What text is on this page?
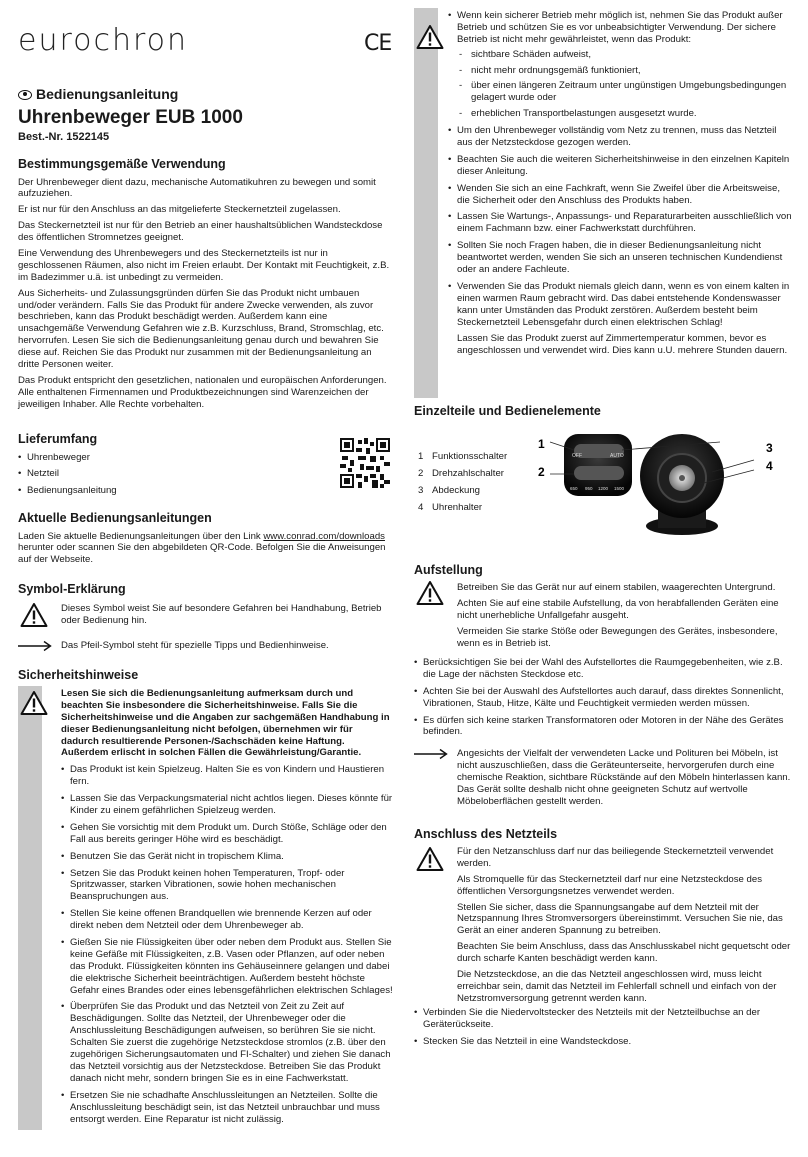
eurochron	CE
Bedienungsanleitung
Uhrenbeweger EUB 1000
Best.-Nr. 1522145
Bestimmungsgemäße Verwendung

Der Uhrenbeweger dient dazu, mechanische Automatikuhren zu bewegen und somit aufzuziehen.

Er ist nur für den Anschluss an das mitgelieferte Steckernetzteil zugelassen.

Das Steckernetzteil ist nur für den Betrieb an einer haushaltsüblichen Wandsteckdose des öffentlichen Stromnetzes geeignet.

Eine Verwendung des Uhrenbewegers und des Steckernetzteils ist nur in geschlossenen Räumen, also nicht im Freien erlaubt. Der Kontakt mit Feuchtigkeit, z.B. im Badezimmer u.ä. ist unbedingt zu vermeiden.

Aus Sicherheits- und Zulassungsgründen dürfen Sie das Produkt nicht umbauen und/oder verändern. Falls Sie das Produkt für andere Zwecke verwenden, als zuvor beschrieben, kann das Produkt beschädigt werden. Außerdem kann eine unsachgemäße Verwendung Gefahren wie z.B. Kurzschluss, Brand, Stromschlag, etc. hervorrufen. Lesen Sie sich die Bedienungsanleitung genau durch und bewahren Sie diese auf. Reichen Sie das Produkt nur zusammen mit der Bedienungsanleitung an dritte Personen weiter.

Das Produkt entspricht den gesetzlichen, nationalen und europäischen Anforderungen. Alle enthaltenen Firmennamen und Produktbezeichnungen sind Warenzeichen der jeweiligen Inhaber. Alle Rechte vorbehalten.

Lieferumfang
• Uhrenbeweger
• Netzteil
• Bedienungsanleitung
Aktuelle Bedienungsanleitungen

Laden Sie aktuelle Bedienungsanleitungen über den Link www.conrad.com/downloads herunter oder scannen Sie den abgebildeten QR-Code. Befolgen Sie die Anweisungen auf der Webseite.

Symbol-Erklärung
Dieses Symbol weist Sie auf besondere Gefahren bei Handhabung, Betrieb oder Bedienung hin.
Das Pfeil-Symbol steht für spezielle Tipps und Bedienhinweise.
Sicherheitshinweise

Lesen Sie sich die Bedienungsanleitung aufmerksam durch und beachten Sie insbesondere die Sicherheitshinweise. Falls Sie die Sicherheitshinweise und die Angaben zur sachgemäßen Handhabung in dieser Bedienungsanleitung nicht befolgen, übernehmen wir für dadurch resultierende Personen-/Sachschäden keine Haftung. Außerdem erlischt in solchen Fällen die Gewährleistung/Garantie.

• Das Produkt ist kein Spielzeug. Halten Sie es von Kindern und Haustieren fern.
• Lassen Sie das Verpackungsmaterial nicht achtlos liegen. Dieses könnte für Kinder zu einem gefährlichen Spielzeug werden.
• Gehen Sie vorsichtig mit dem Produkt um. Durch Stöße, Schläge oder den Fall aus bereits geringer Höhe wird es beschädigt.
• Benutzen Sie das Gerät nicht in tropischem Klima.
• Setzen Sie das Produkt keinen hohen Temperaturen, Tropf- oder Spritzwasser, starken Vibrationen, sowie hohen mechanischen Beanspruchungen aus.
• Stellen Sie keine offenen Brandquellen wie brennende Kerzen auf oder direkt neben dem Netzteil oder dem Uhrenbeweger ab.
• Gießen Sie nie Flüssigkeiten über oder neben dem Produkt aus. Stellen Sie keine Gefäße mit Flüssigkeiten, z.B. Vasen oder Pflanzen, auf oder neben das Produkt. Flüssigkeiten könnten ins Gehäuseinnere gelangen und dabei die elektrische Sicherheit beeinträchtigen. Außerdem besteht höchste Gefahr eines Brandes oder eines lebensgefährlichen elektrischen Schlages!
• Überprüfen Sie das Produkt und das Netzteil von Zeit zu Zeit auf Beschädigungen. Sollte das Netzteil, der Uhrenbeweger oder die Anschlussleitung Beschädigungen aufweisen, so berühren Sie sie nicht. Schalten Sie zuerst die zugehörige Netzsteckdose stromlos (z.B. über den zugehörigen Sicherungsautomaten und FI-Schalter) und ziehen Sie danach das Netzteil vorsichtig aus der Netzsteckdose. Betreiben Sie das Produkt danach nicht mehr, sondern bringen Sie es in eine Fachwerkstatt.
• Ersetzen Sie nie schadhafte Anschlussleitungen an Netzteilen. Sollte die Anschlussleitung beschädigt sein, ist das Netzteil unbrauchbar und muss entsorgt werden. Eine Reparatur ist nicht zulässig.
• Wenn kein sicherer Betrieb mehr möglich ist, nehmen Sie das Produkt außer Betrieb und schützen Sie es vor unbeabsichtigter Verwendung. Der sichere Betrieb ist nicht mehr gewährleistet, wenn das Produkt:
- sichtbare Schäden aufweist,
- nicht mehr ordnungsgemäß funktioniert,
- über einen längeren Zeitraum unter ungünstigen Umgebungsbedingungen gelagert wurde oder
- erheblichen Transportbelastungen ausgesetzt wurde.
• Um den Uhrenbeweger vollständig vom Netz zu trennen, muss das Netzteil aus der Netzsteckdose gezogen werden.
• Beachten Sie auch die weiteren Sicherheitshinweise in den einzelnen Kapiteln dieser Anleitung.
• Wenden Sie sich an eine Fachkraft, wenn Sie Zweifel über die Arbeitsweise, die Sicherheit oder den Anschluss des Produkts haben.
• Lassen Sie Wartungs-, Anpassungs- und Reparaturarbeiten ausschließlich von einem Fachmann bzw. einer Fachwerkstatt durchführen.
• Sollten Sie noch Fragen haben, die in dieser Bedienungsanleitung nicht beantwortet werden, wenden Sie sich an unseren technischen Kundendienst oder an andere Fachleute.
• Verwenden Sie das Produkt niemals gleich dann, wenn es von einem kalten in einen warmen Raum gebracht wird. Das dabei entstehende Kondenswasser kann unter Umständen das Produkt zerstören. Außerdem besteht beim Steckernetzteil Lebensgefahr durch einen elektrischen Schlag!

Lassen Sie das Produkt zuerst auf Zimmertemperatur kommen, bevor es angeschlossen und verwendet wird. Dies kann u.U. mehrere Stunden dauern.

Einzelteile und Bedienelemente
1 Funktionsschalter
2 Drehzahlschalter
3 Abdeckung
4 Uhrenhalter
OFF	AUTO
650 950 1200 1500
1
2
3
4
Aufstellung

Betreiben Sie das Gerät nur auf einem stabilen, waagerechten Untergrund.

Achten Sie auf eine stabile Aufstellung, da von herabfallenden Geräten eine nicht unerhebliche Unfallgefahr ausgeht.

Vermeiden Sie starke Stöße oder Bewegungen des Gerätes, insbesondere, wenn es in Betrieb ist.

• Berücksichtigen Sie bei der Wahl des Aufstellortes die Raumgegebenheiten, wie z.B. die Lage der nächsten Steckdose etc.
• Achten Sie bei der Auswahl des Aufstellortes auch darauf, dass direktes Sonnenlicht, Vibrationen, Staub, Hitze, Kälte und Feuchtigkeit vermieden werden müssen.
• Es dürfen sich keine starken Transformatoren oder Motoren in der Nähe des Gerätes befinden.
Angesichts der Vielfalt der verwendeten Lacke und Polituren bei Möbeln, ist nicht auszuschließen, dass die Geräteunterseite, hervorgerufen durch eine chemische Reaktion, sichtbare Rückstände auf den Möbeln hinterlassen kann. Das Gerät sollte deshalb nicht ohne geeigneten Schutz auf wertvolle Möbeloberflächen gestellt werden.
Anschluss des Netzteils

Für den Netzanschluss darf nur das beiliegende Steckernetzteil verwendet werden.

Als Stromquelle für das Steckernetzteil darf nur eine Netzsteckdose des öffentlichen Versorgungsnetzes verwendet werden.

Stellen Sie sicher, dass die Spannungsangabe auf dem Netzteil mit der Netzspannung Ihres Stromversorgers übereinstimmt. Versuchen Sie nie, das Gerät an einer anderen Spannung zu betreiben.

Beachten Sie beim Anschluss, dass das Anschlusskabel nicht gequetscht oder durch scharfe Kanten beschädigt werden kann.

Die Netzsteckdose, an die das Netzteil angeschlossen wird, muss leicht erreichbar sein, damit das Netzteil im Fehlerfall schnell und einfach von der Netzstromversorgung getrennt werden kann.

• Verbinden Sie die Niedervoltstecker des Netzteils mit der Netzteilbuchse an der Geräterückseite.
• Stecken Sie das Netzteil in eine Wandsteckdose.
